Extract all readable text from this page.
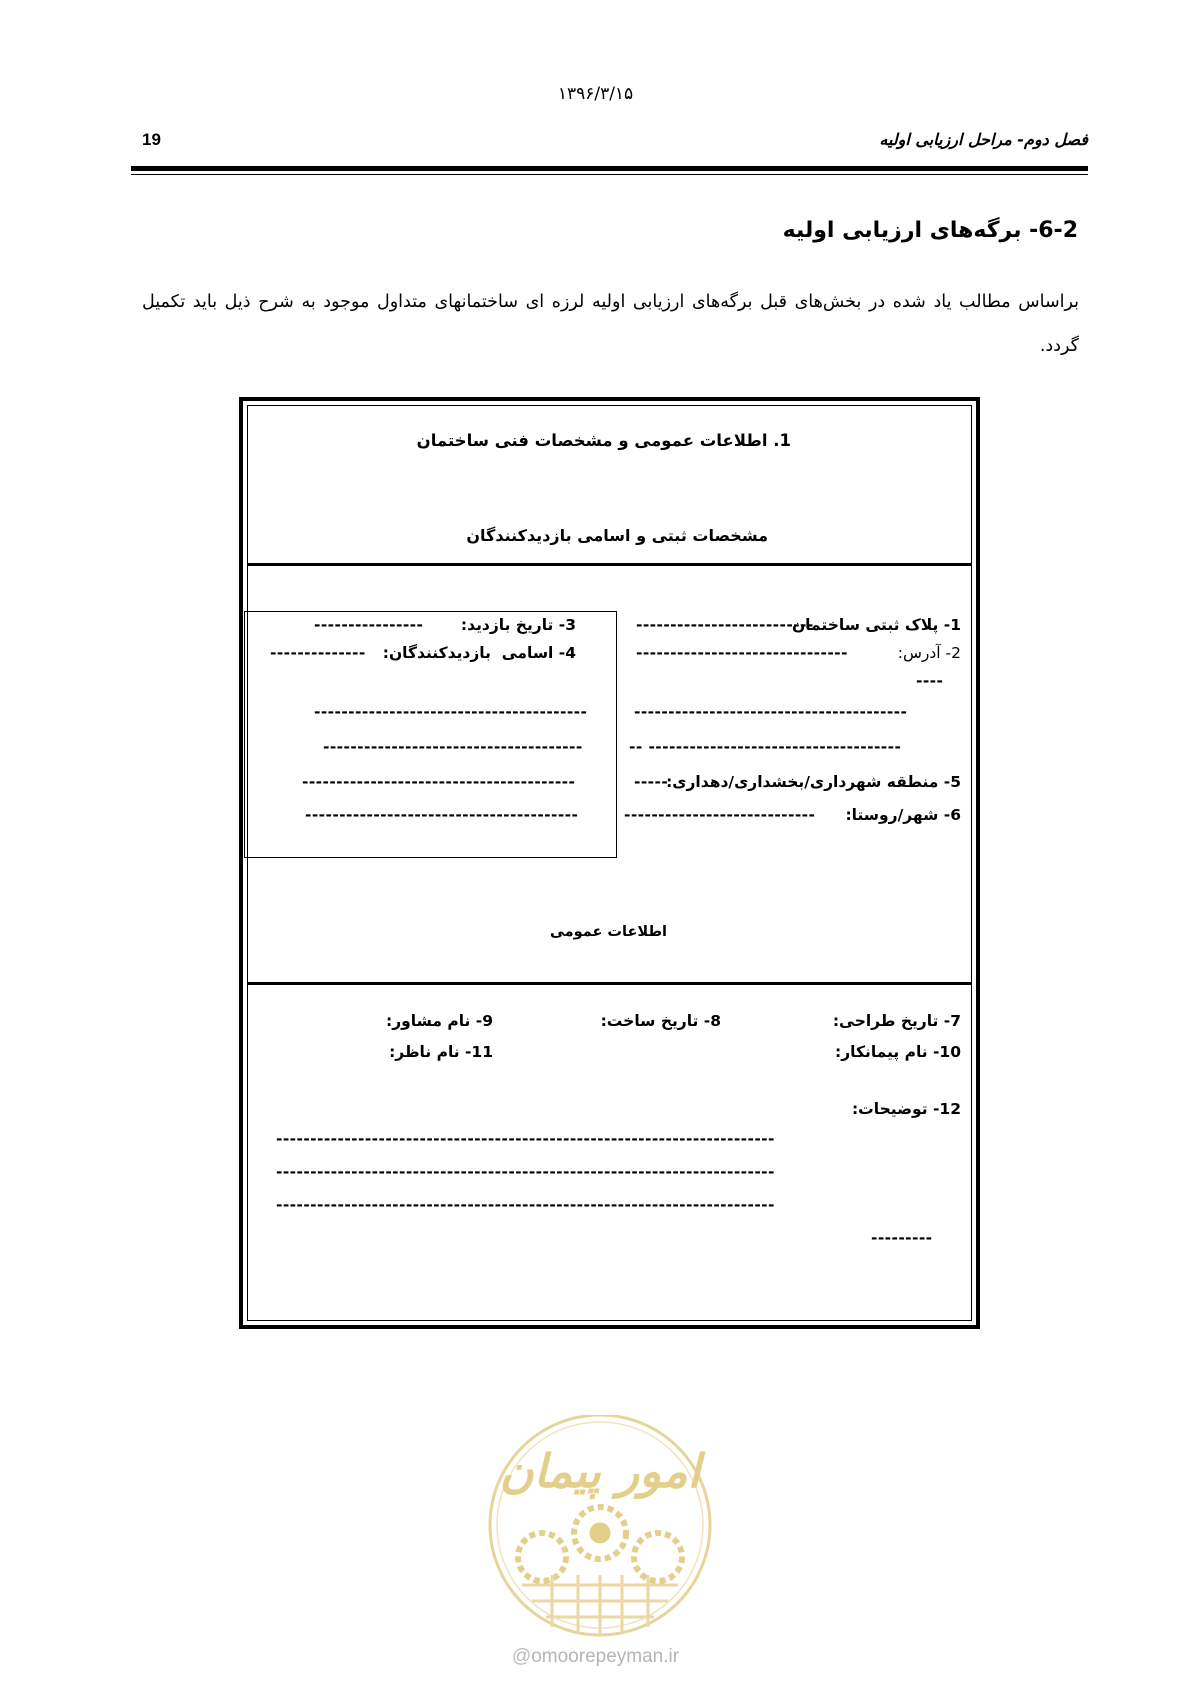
۱۳۹۶/۳/۱۵
19	فصل دوم- مراحل ارزیابی اولیه
6-2- برگه‌های ارزیابی اولیه
براساس مطالب یاد شده در بخش‌های قبل برگه‌های ارزیابی اولیه لرزه ای ساختمانهای متداول موجود به شرح ذیل باید تکمیل گردد.
1. اطلاعات عمومی و مشخصات فنی ساختمان
مشخصات ثبتی و اسامی بازدیدکنندگان
1- پلاک ثبتی ساختمان
--------------------------
2- آدرس:
-------------------------------
----
----------------------------------------
-- -------------------------------------
5- منطقه شهرداری/بخشداری/دهداری:
-----
6- شهر/روستا:
----------------------------
3- تاریخ بازدید:
----------------
4- اسامی  بازدیدکنندگان:
--------------
----------------------------------------
--------------------------------------
----------------------------------------
----------------------------------------
اطلاعات عمومی
7- تاریخ طراحی:
8- تاریخ ساخت:
9- نام مشاور:
10- نام پیمانکار:
11- نام ناظر:
12- توضیحات:
-------------------------------------------------------------------------
-------------------------------------------------------------------------
-------------------------------------------------------------------------
---------
امور پیمان
@omoorepeyman.ir
